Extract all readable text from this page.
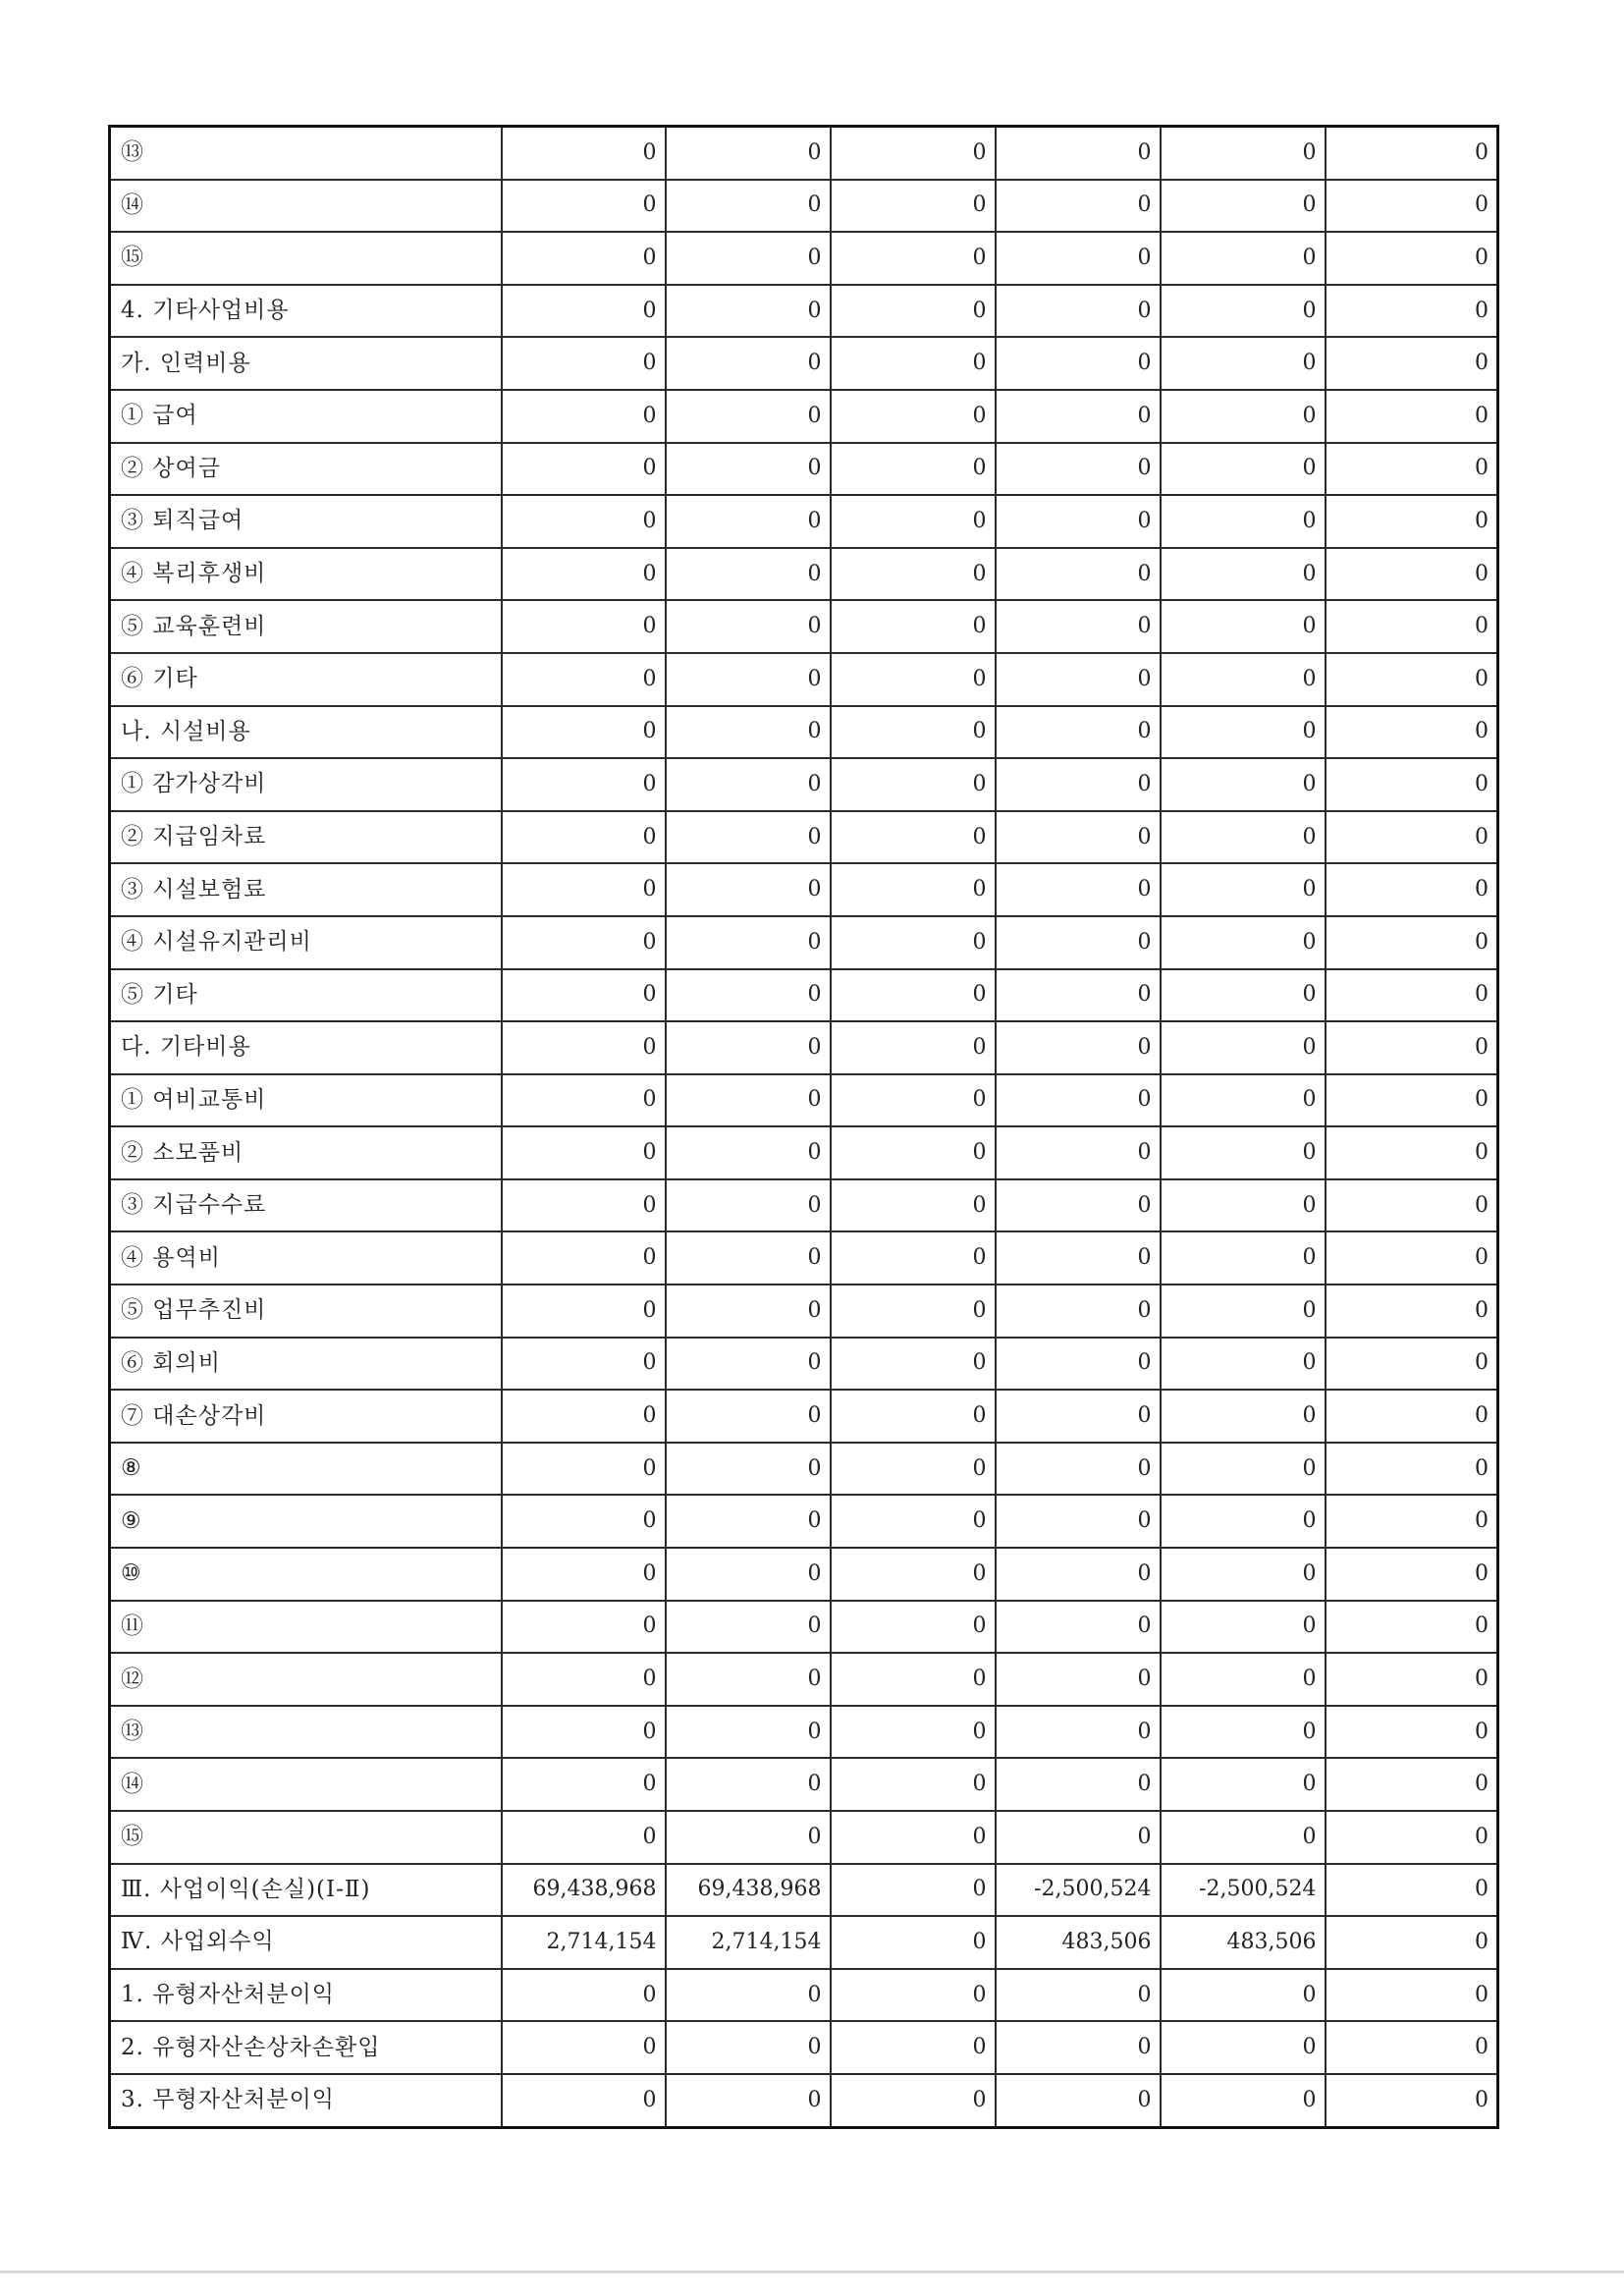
⑬	0	0	0	0	0	0
⑭	0	0	0	0	0	0
⑮	0	0	0	0	0	0
4. 기타사업비용	0	0	0	0	0	0
가. 인력비용	0	0	0	0	0	0
① 급여	0	0	0	0	0	0
② 상여금	0	0	0	0	0	0
③ 퇴직급여	0	0	0	0	0	0
④ 복리후생비	0	0	0	0	0	0
⑤ 교육훈련비	0	0	0	0	0	0
⑥ 기타	0	0	0	0	0	0
나. 시설비용	0	0	0	0	0	0
① 감가상각비	0	0	0	0	0	0
② 지급임차료	0	0	0	0	0	0
③ 시설보험료	0	0	0	0	0	0
④ 시설유지관리비	0	0	0	0	0	0
⑤ 기타	0	0	0	0	0	0
다. 기타비용	0	0	0	0	0	0
① 여비교통비	0	0	0	0	0	0
② 소모품비	0	0	0	0	0	0
③ 지급수수료	0	0	0	0	0	0
④ 용역비	0	0	0	0	0	0
⑤ 업무추진비	0	0	0	0	0	0
⑥ 회의비	0	0	0	0	0	0
⑦ 대손상각비	0	0	0	0	0	0
⑧	0	0	0	0	0	0
⑨	0	0	0	0	0	0
⑩	0	0	0	0	0	0
⑪	0	0	0	0	0	0
⑫	0	0	0	0	0	0
⑬	0	0	0	0	0	0
⑭	0	0	0	0	0	0
⑮	0	0	0	0	0	0
Ⅲ. 사업이익(손실)(Ⅰ-Ⅱ)	69,438,968	69,438,968	0	-2,500,524	-2,500,524	0
Ⅳ. 사업외수익	2,714,154	2,714,154	0	483,506	483,506	0
1. 유형자산처분이익	0	0	0	0	0	0
2. 유형자산손상차손환입	0	0	0	0	0	0
3. 무형자산처분이익	0	0	0	0	0	0
